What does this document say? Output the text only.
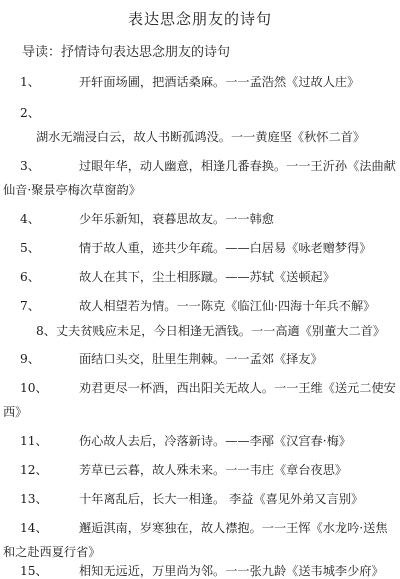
表达思念朋友的诗句
导读：抒情诗句表达思念朋友的诗句
1、	开轩面场圃，把酒话桑麻。一一孟浩然《过故人庄》
2、
湖水无端浸白云，故人书断孤鸿没。一一黄庭坚《秋怀二首》
3、	过眼年华，动人幽意，相逢几番春换。一一王沂孙《法曲献
仙音·聚景亭梅次草窗韵》
4、	少年乐新知，衰暮思故友。一一韩愈
5、	情于故人重，迹共少年疏。——白居易《咏老赠梦得》
6、	故人在其下，尘土相豚蹴。——苏轼《送顿起》
7、	故人相望若为情。一一陈克《临江仙·四海十年兵不解》
8、丈夫贫贱应未足，今日相逢无酒钱。一一高適《别董大二首》
9、	面结口头交，肚里生荆棘。一一孟郊《择友》
10、	劝君更尽一杯酒，西出阳关无故人。一一王维《送元二使安
西》
11、	伤心故人去后，冷落新诗。——李邴《汉宫春·梅》
12、	芳草已云暮，故人殊未来。一一韦庄《章台夜思》
13、	十年离乱后，长大一相逢。 李益《喜见外弟又言别》
14、	邂逅淇南，岁寒独在，故人襟抱。一一王恽《水龙吟·送焦
和之赴西夏行省》
15、	相知无远近，万里尚为邻。一一张九龄《送韦城李少府》
